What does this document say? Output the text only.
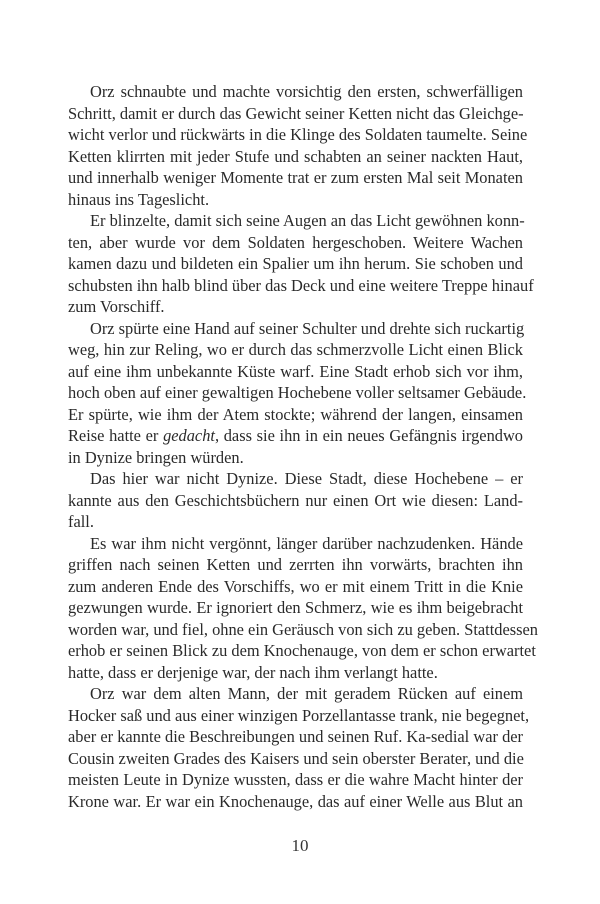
Orz schnaubte und machte vorsichtig den ersten, schwerfälligen
Schritt, damit er durch das Gewicht seiner Ketten nicht das Gleichge-
wicht verlor und rückwärts in die Klinge des Soldaten taumelte. Seine
Ketten klirrten mit jeder Stufe und schabten an seiner nackten Haut,
und innerhalb weniger Momente trat er zum ersten Mal seit Monaten
hinaus ins Tageslicht.

Er blinzelte, damit sich seine Augen an das Licht gewöhnen konn-
ten, aber wurde vor dem Soldaten hergeschoben. Weitere Wachen
kamen dazu und bildeten ein Spalier um ihn herum. Sie schoben und
schubsten ihn halb blind über das Deck und eine weitere Treppe hinauf
zum Vorschiff.

Orz spürte eine Hand auf seiner Schulter und drehte sich ruckartig
weg, hin zur Reling, wo er durch das schmerzvolle Licht einen Blick
auf eine ihm unbekannte Küste warf. Eine Stadt erhob sich vor ihm,
hoch oben auf einer gewaltigen Hochebene voller seltsamer Gebäude.
Er spürte, wie ihm der Atem stockte; während der langen, einsamen
Reise hatte er gedacht, dass sie ihn in ein neues Gefängnis irgendwo
in Dynize bringen würden.

Das hier war nicht Dynize. Diese Stadt, diese Hochebene – er
kannte aus den Geschichtsbüchern nur einen Ort wie diesen: Land-
fall.

Es war ihm nicht vergönnt, länger darüber nachzudenken. Hände
griffen nach seinen Ketten und zerrten ihn vorwärts, brachten ihn
zum anderen Ende des Vorschiffs, wo er mit einem Tritt in die Knie
gezwungen wurde. Er ignoriert den Schmerz, wie es ihm beigebracht
worden war, und fiel, ohne ein Geräusch von sich zu geben. Stattdessen
erhob er seinen Blick zu dem Knochenauge, von dem er schon erwartet
hatte, dass er derjenige war, der nach ihm verlangt hatte.

Orz war dem alten Mann, der mit geradem Rücken auf einem
Hocker saß und aus einer winzigen Porzellantasse trank, nie begegnet,
aber er kannte die Beschreibungen und seinen Ruf. Ka-sedial war der
Cousin zweiten Grades des Kaisers und sein oberster Berater, und die
meisten Leute in Dynize wussten, dass er die wahre Macht hinter der
Krone war. Er war ein Knochenauge, das auf einer Welle aus Blut an

10
